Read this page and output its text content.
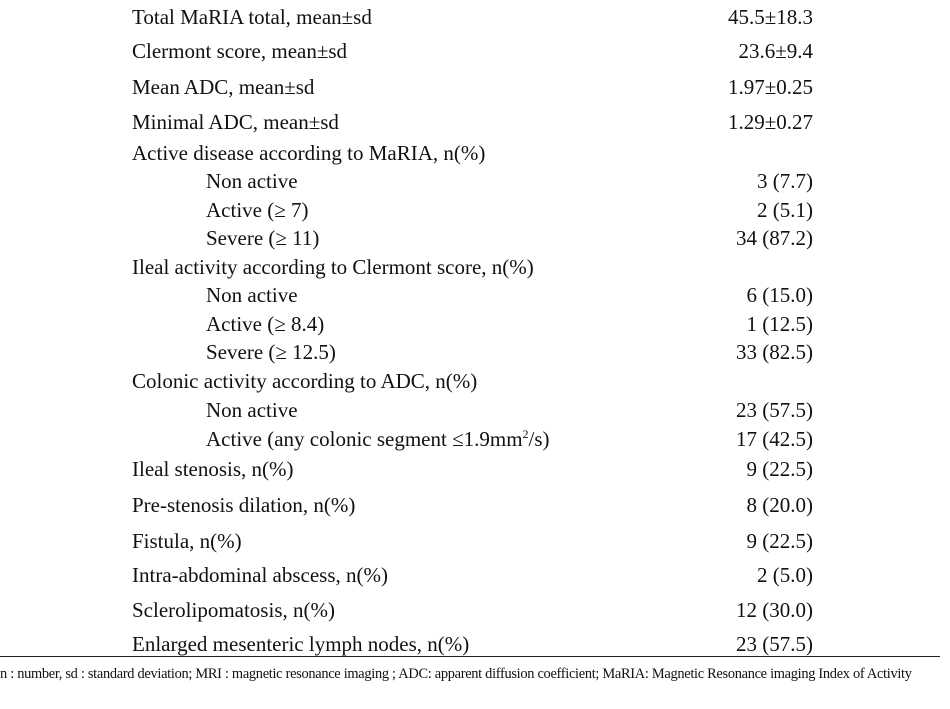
Total MaRIA total, mean±sd	45.5±18.3
Clermont score, mean±sd	23.6±9.4
Mean ADC, mean±sd	1.97±0.25
Minimal ADC, mean±sd	1.29±0.27
Active disease according to MaRIA, n(%)
Non active	3 (7.7)
Active (≥ 7)	2 (5.1)
Severe (≥ 11)	34 (87.2)
Ileal activity according to Clermont score, n(%)
Non active	6 (15.0)
Active (≥ 8.4)	1 (12.5)
Severe (≥ 12.5)	33 (82.5)
Colonic activity according to ADC, n(%)
Non active	23 (57.5)
Active (any colonic segment $\le 1.9mm^2/s$)	17 (42.5)
Ileal stenosis, n(%)	9 (22.5)
Pre-stenosis dilation, n(%)	8 (20.0)
Fistula, n(%)	9 (22.5)
Intra-abdominal abscess, n(%)	2 (5.0)
Sclerolipomatosis, n(%)	12 (30.0)
Enlarged mesenteric lymph nodes, n(%)	23 (57.5)
n : number, sd : standard deviation; MRI : magnetic resonance imaging ; ADC: apparent diffusion coefficient; MaRIA: Magnetic Resonance imaging Index of Activity
